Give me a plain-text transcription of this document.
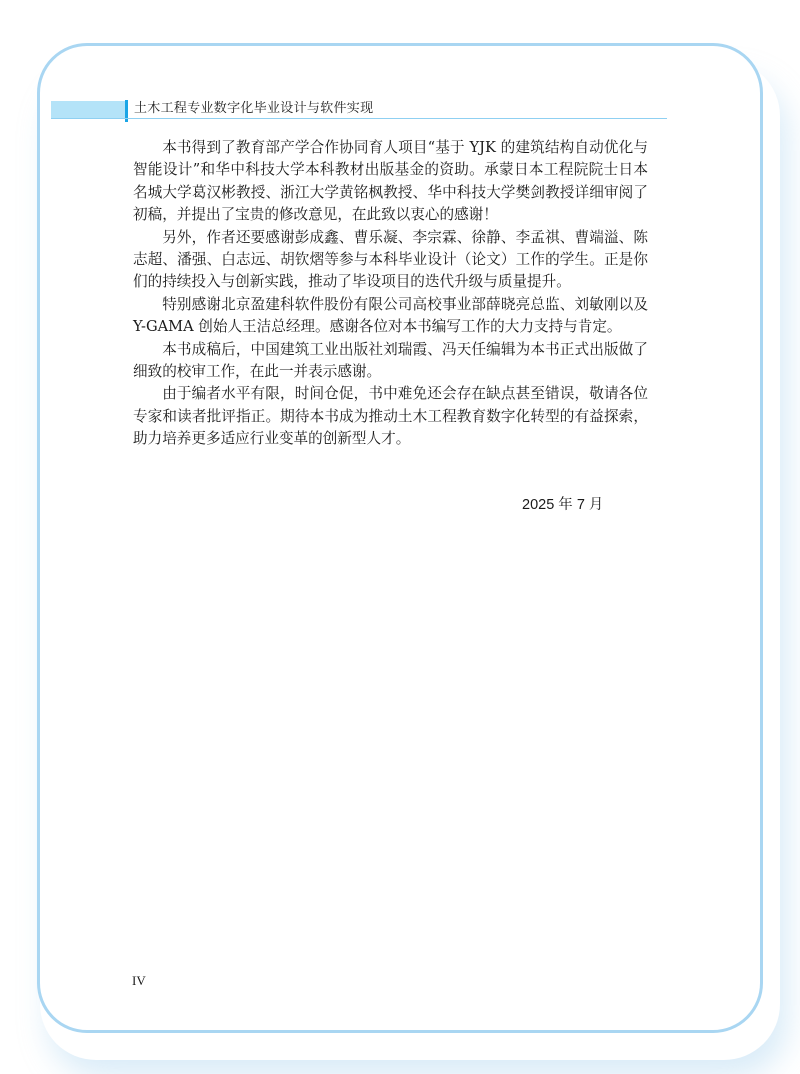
土木工程专业数字化毕业设计与软件实现

本书得到了教育部产学合作协同育人项目“基于 YJK 的建筑结构自动优化与智能设计”和华中科技大学本科教材出版基金的资助。承蒙日本工程院院士日本名城大学葛汉彬教授、浙江大学黄铭枫教授、华中科技大学樊剑教授详细审阅了初稿，并提出了宝贵的修改意见，在此致以衷心的感谢！

另外，作者还要感谢彭成鑫、曹乐凝、李宗霖、徐静、李孟祺、曹端溢、陈志超、潘强、白志远、胡钦熠等参与本科毕业设计（论文）工作的学生。正是你们的持续投入与创新实践，推动了毕设项目的迭代升级与质量提升。

特别感谢北京盈建科软件股份有限公司高校事业部薛晓亮总监、刘敏刚以及 Y-GAMA 创始人王洁总经理。感谢各位对本书编写工作的大力支持与肯定。

本书成稿后，中国建筑工业出版社刘瑞霞、冯天任编辑为本书正式出版做了细致的校审工作，在此一并表示感谢。

由于编者水平有限，时间仓促，书中难免还会存在缺点甚至错误，敬请各位专家和读者批评指正。期待本书成为推动土木工程教育数字化转型的有益探索，助力培养更多适应行业变革的创新型人才。

2025 年 7 月
IV
